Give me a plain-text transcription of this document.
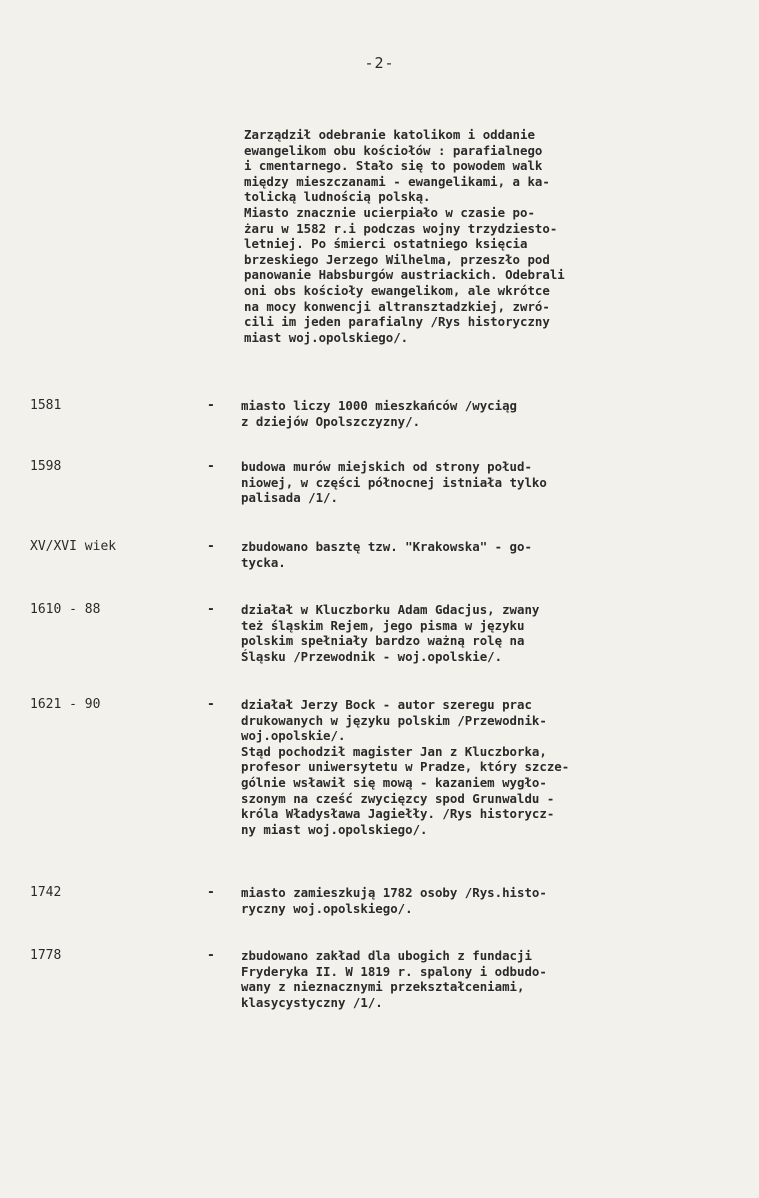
-2-
Zarządził odebranie katolikom i oddanie
ewangelikom obu kościołów : parafialnego
i cmentarnego. Stało się to powodem walk
między mieszczanami - ewangelikami, a ka-
tolicką ludnością polską.
Miasto znacznie ucierpiało w czasie po-
żaru w 1582 r.i podczas wojny trzydziesto-
letniej. Po śmierci ostatniego księcia
brzeskiego Jerzego Wilhelma, przeszło pod
panowanie Habsburgów austriackich. Odebrali
oni obs kościoły ewangelikom, ale wkrótce
na mocy konwencji altransztadzkiej, zwró-
cili im jeden parafialny /Rys historyczny
miast woj.opolskiego/.
1581	- miasto liczy 1000 mieszkańców /wyciąg
z dziejów Opolszczyzny/.
1598	- budowa murów miejskich od strony połud-
niowej, w części północnej istniała tylko
palisada /1/.
XV/XVI wiek	- zbudowano basztę tzw. "Krakowska" - go-
tycka.
1610 - 88	- działał w Kluczborku Adam Gdacjus, zwany
też śląskim Rejem, jego pisma w języku
polskim spełniały bardzo ważną rolę na
Śląsku /Przewodnik - woj.opolskie/.
1621 - 90	- działał Jerzy Bock - autor szeregu prac
drukowanych w języku polskim /Przewodnik-
woj.opolskie/.
Stąd pochodził magister Jan z Kluczborka,
profesor uniwersytetu w Pradze, który szcze-
gólnie wsławił się mową - kazaniem wygło-
szonym na cześć zwycięzcy spod Grunwaldu -
króla Władysława Jagiełły. /Rys historycz-
ny miast woj.opolskiego/.
1742	- miasto zamieszkują 1782 osoby /Rys.histo-
ryczny woj.opolskiego/.
1778	- zbudowano zakład dla ubogich z fundacji
Fryderyka II. W 1819 r. spalony i odbudo-
wany z nieznacznymi przekształceniami,
klasycystyczny /1/.
